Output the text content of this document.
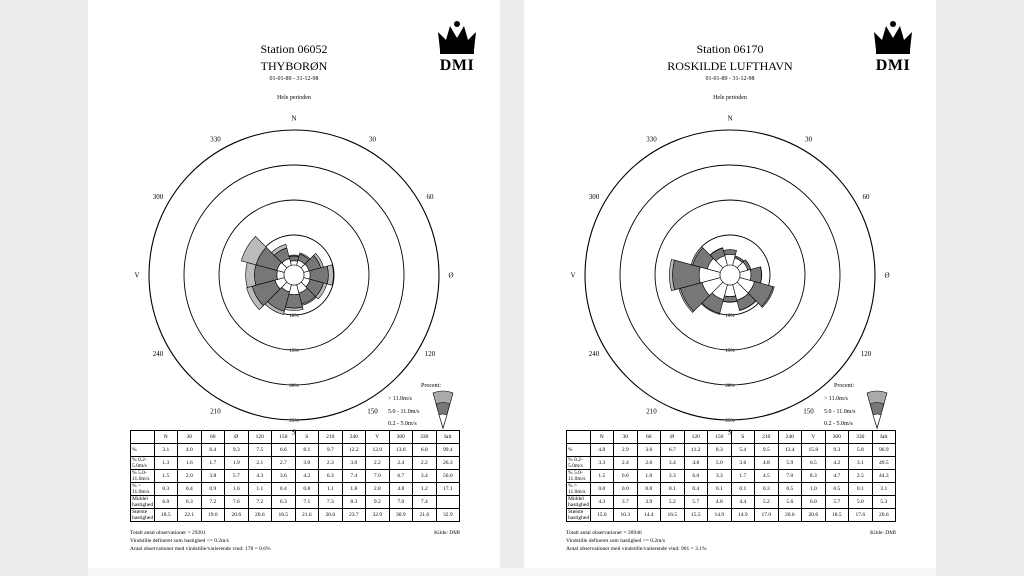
Station 06052
THYBORØN
01-01-89 - 31-12-98
Hele perioden
DMI
N
30
60
Ø
120
150
S
210
240
V
300
330
10%
15%
20%
25%
Procent:
> 11.0m/s
5.0 - 11.0m/s
0.2 - 5.0m/s
	N	30	60	Ø	120	150	S	210	240	V	300	330	Ialt
%	3.1	4.0	6.4	9.3	7.5	6.6	8.1	9.7	12.2	12.0	13.6	6.8	99.4
% 0.2-5.0m/s	1.3	1.6	1.7	1.9	2.1	2.7	3.0	2.3	3.0	2.2	2.4	2.2	26.3
% 5.0-11.0m/s	1.5	2.0	3.8	5.7	4.3	3.6	4.2	6.3	7.4	7.0	6.7	3.4	56.0
% > 11.0m/s	0.3	0.4	0.9	1.6	1.1	0.4	0.8	1.1	1.8	2.8	4.8	1.2	17.1
Middel hastighed	6.0	6.3	7.2	7.6	7.2	6.3	7.1	7.3	8.3	9.2	7.0	7.4	
Største hastighed	18.5	22.1	19.0	20.6	20.6	16.5	21.6	20.6	23.7	32.9	30.9	21.6	32.9
Totalt antal observationer = 29201	Kilde: DMI
Vindstille defineret som hastighed <= 0.2m/s
Antal observationer med vindstille/varierende vind: 178 = 0.6%
Station 06170
ROSKILDE LUFTHAVN
01-01-89 - 31-12-98
Hele perioden
DMI
N
30
60
Ø
120
150
S
210
240
V
300
330
10%
15%
20%
25%
Procent:
> 11.0m/s
5.0 - 11.0m/s
0.2 - 5.0m/s
	N	30	60	Ø	120	150	S	210	240	V	300	330	Ialt
%	4.8	2.9	3.6	6.7	11.2	8.3	5.4	9.5	13.4	15.8	9.3	5.8	96.9
% 0.2-5.0m/s	3.3	2.4	2.6	3.4	4.8	5.0	3.6	4.8	5.9	6.5	4.2	3.1	49.5
% 5.0-11.0m/s	1.5	0.6	1.0	3.3	6.0	3.3	1.7	4.5	7.0	8.3	4.7	2.5	44.3
% > 11.0m/s	0.0	0.0	0.0	0.1	0.4	0.1	0.1	0.3	0.5	1.0	0.5	0.1	3.1
Middel hastighed	4.3	3.7	3.9	5.2	5.7	4.8	4.4	5.2	5.6	6.0	5.7	5.0	5.3
Største hastighed	15.0	10.3	14.4	16.5	15.5	14.9	14.9	17.0	20.6	20.6	18.5	17.6	20.6
Totalt antal observationer = 28946	Kilde: DMI
Vindstille defineret som hastighed <= 0.2m/s
Antal observationer med vindstille/varierende vind: 901 = 3.1%
